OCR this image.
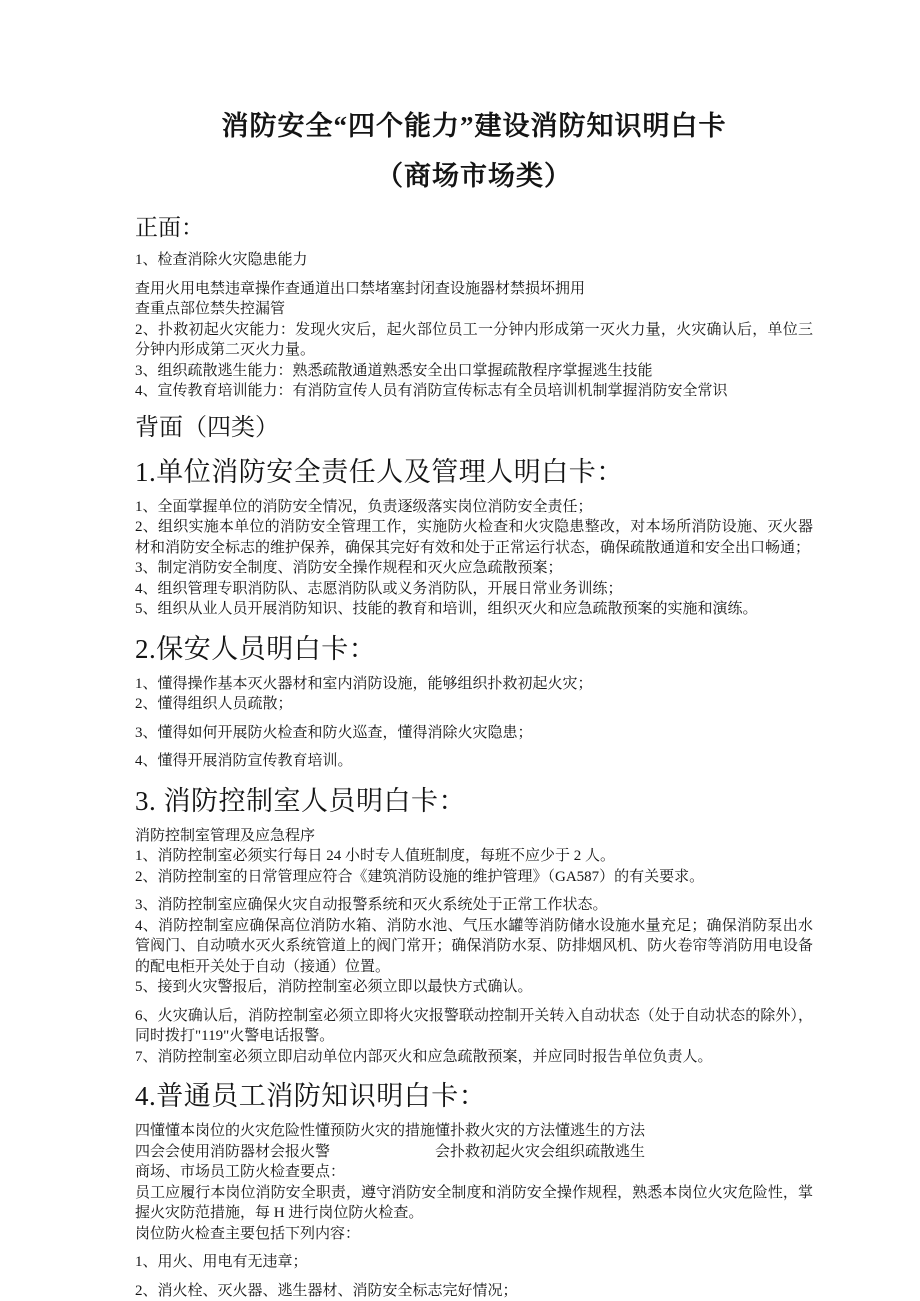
消防安全“四个能力”建设消防知识明白卡
（商场市场类）
正面：

1、检查消除火灾隐患能力

查用火用电禁违章操作查通道出口禁堵塞封闭查设施器材禁损坏拥用

查重点部位禁失控漏管

2、扑救初起火灾能力：发现火灾后，起火部位员工一分钟内形成第一灭火力量，火灾确认后，单位三分钟内形成第二灭火力量。

3、组织疏散逃生能力：熟悉疏散通道熟悉安全出口掌握疏散程序掌握逃生技能

4、宣传教育培训能力：有消防宣传人员有消防宣传标志有全员培训机制掌握消防安全常识

背面（四类）
1.单位消防安全责任人及管理人明白卡：

1、全面掌握单位的消防安全情况，负责逐级落实岗位消防安全责任；

2、组织实施本单位的消防安全管理工作，实施防火检查和火灾隐患整改，对本场所消防设施、灭火器材和消防安全标志的维护保养，确保其完好有效和处于正常运行状态，确保疏散通道和安全出口畅通；

3、制定消防安全制度、消防安全操作规程和灭火应急疏散预案；

4、组织管理专职消防队、志愿消防队或义务消防队，开展日常业务训练；

5、组织从业人员开展消防知识、技能的教育和培训，组织灭火和应急疏散预案的实施和演练。

2.保安人员明白卡：

1、懂得操作基本灭火器材和室内消防设施，能够组织扑救初起火灾；

2、懂得组织人员疏散；

3、懂得如何开展防火检查和防火巡查，懂得消除火灾隐患；

4、懂得开展消防宣传教育培训。

3. 消防控制室人员明白卡：

消防控制室管理及应急程序

1、消防控制室必须实行每日 24 小时专人值班制度，每班不应少于 2 人。

2、消防控制室的日常管理应符合《建筑消防设施的维护管理》（GA587）的有关要求。

3、消防控制室应确保火灾自动报警系统和灭火系统处于正常工作状态。

4、消防控制室应确保高位消防水箱、消防水池、气压水罐等消防储水设施水量充足；确保消防泵出水管阀门、自动喷水灭火系统管道上的阀门常开；确保消防水泵、防排烟风机、防火卷帘等消防用电设备的配电柜开关处于自动（接通）位置。

5、接到火灾警报后，消防控制室必须立即以最快方式确认。

6、火灾确认后，消防控制室必须立即将火灾报警联动控制开关转入自动状态（处于自动状态的除外），同时拨打"119"火警电话报警。

7、消防控制室必须立即启动单位内部灭火和应急疏散预案，并应同时报告单位负责人。

4.普通员工消防知识明白卡：

四懂懂本岗位的火灾危险性懂预防火灾的措施懂扑救火灾的方法懂逃生的方法

四会会使用消防器材会报火警　　　　　　　会扑救初起火灾会组织疏散逃生

商场、市场员工防火检查要点：

员工应履行本岗位消防安全职责，遵守消防安全制度和消防安全操作规程，熟悉本岗位火灾危险性，掌握火灾防范措施，每 H 进行岗位防火检查。

岗位防火检查主要包括下列内容：

1、用火、用电有无违章；

2、消火栓、灭火器、逃生器材、消防安全标志完好情况；
